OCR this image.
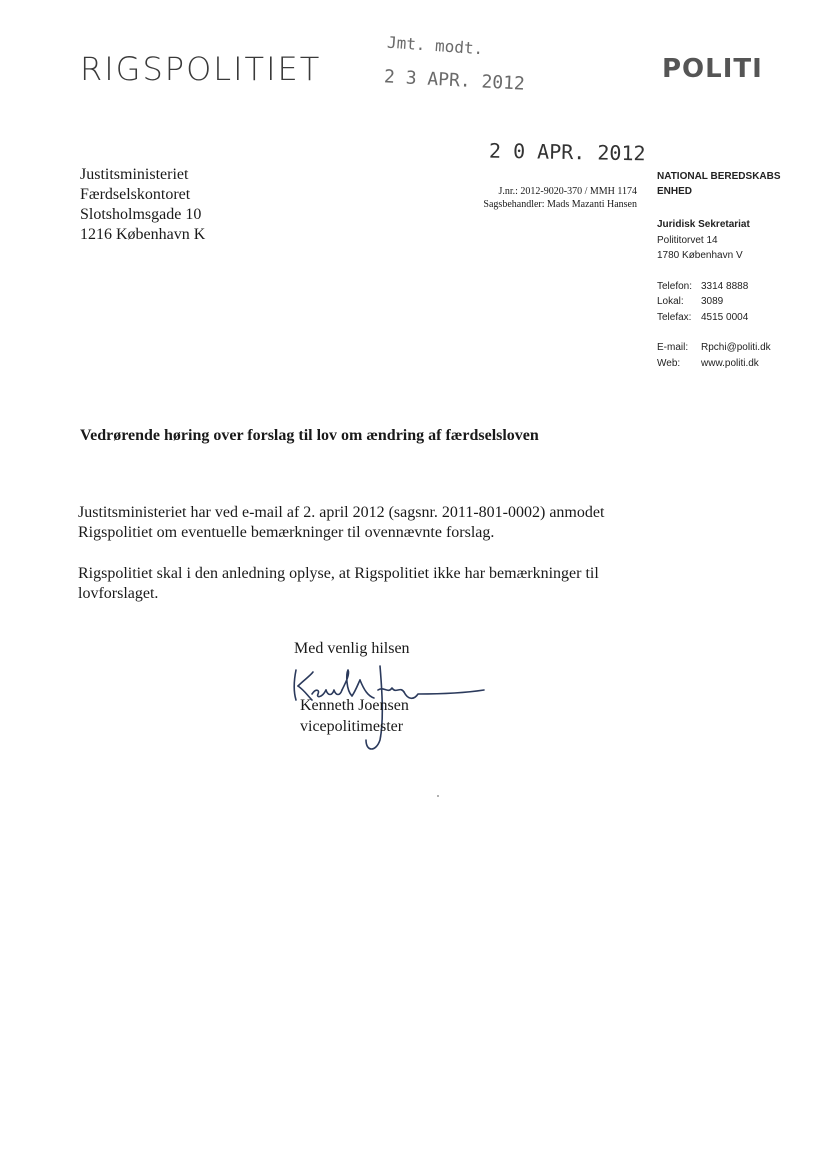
RIGSPOLITIET	POLITI
Jmt. modt.
2 3 APR. 2012
2 0 APR. 2012
Justitsministeriet
Færdselskontoret
Slotsholmsgade 10
1216 København K
J.nr.: 2012-9020-370 / MMH 1174
Sagsbehandler: Mads Mazanti Hansen
NATIONAL BEREDSKABS
ENHED
Juridisk Sekretariat
Polititorvet 14
1780 København V
Telefon: 3314 8888
Lokal:	3089
Telefax: 4515 0004
E-mail:	Rpchi@politi.dk
Web:	www.politi.dk
Vedrørende høring over forslag til lov om ændring af færdselsloven
Justitsministeriet har ved e-mail af 2. april 2012 (sagsnr. 2011-801-0002) anmodet Rigspolitiet om eventuelle bemærkninger til ovennævnte forslag.
Rigspolitiet skal i den anledning oplyse, at Rigspolitiet ikke har bemærkninger til lovforslaget.
Med venlig hilsen
Kenneth Joensen
vicepolitimester
